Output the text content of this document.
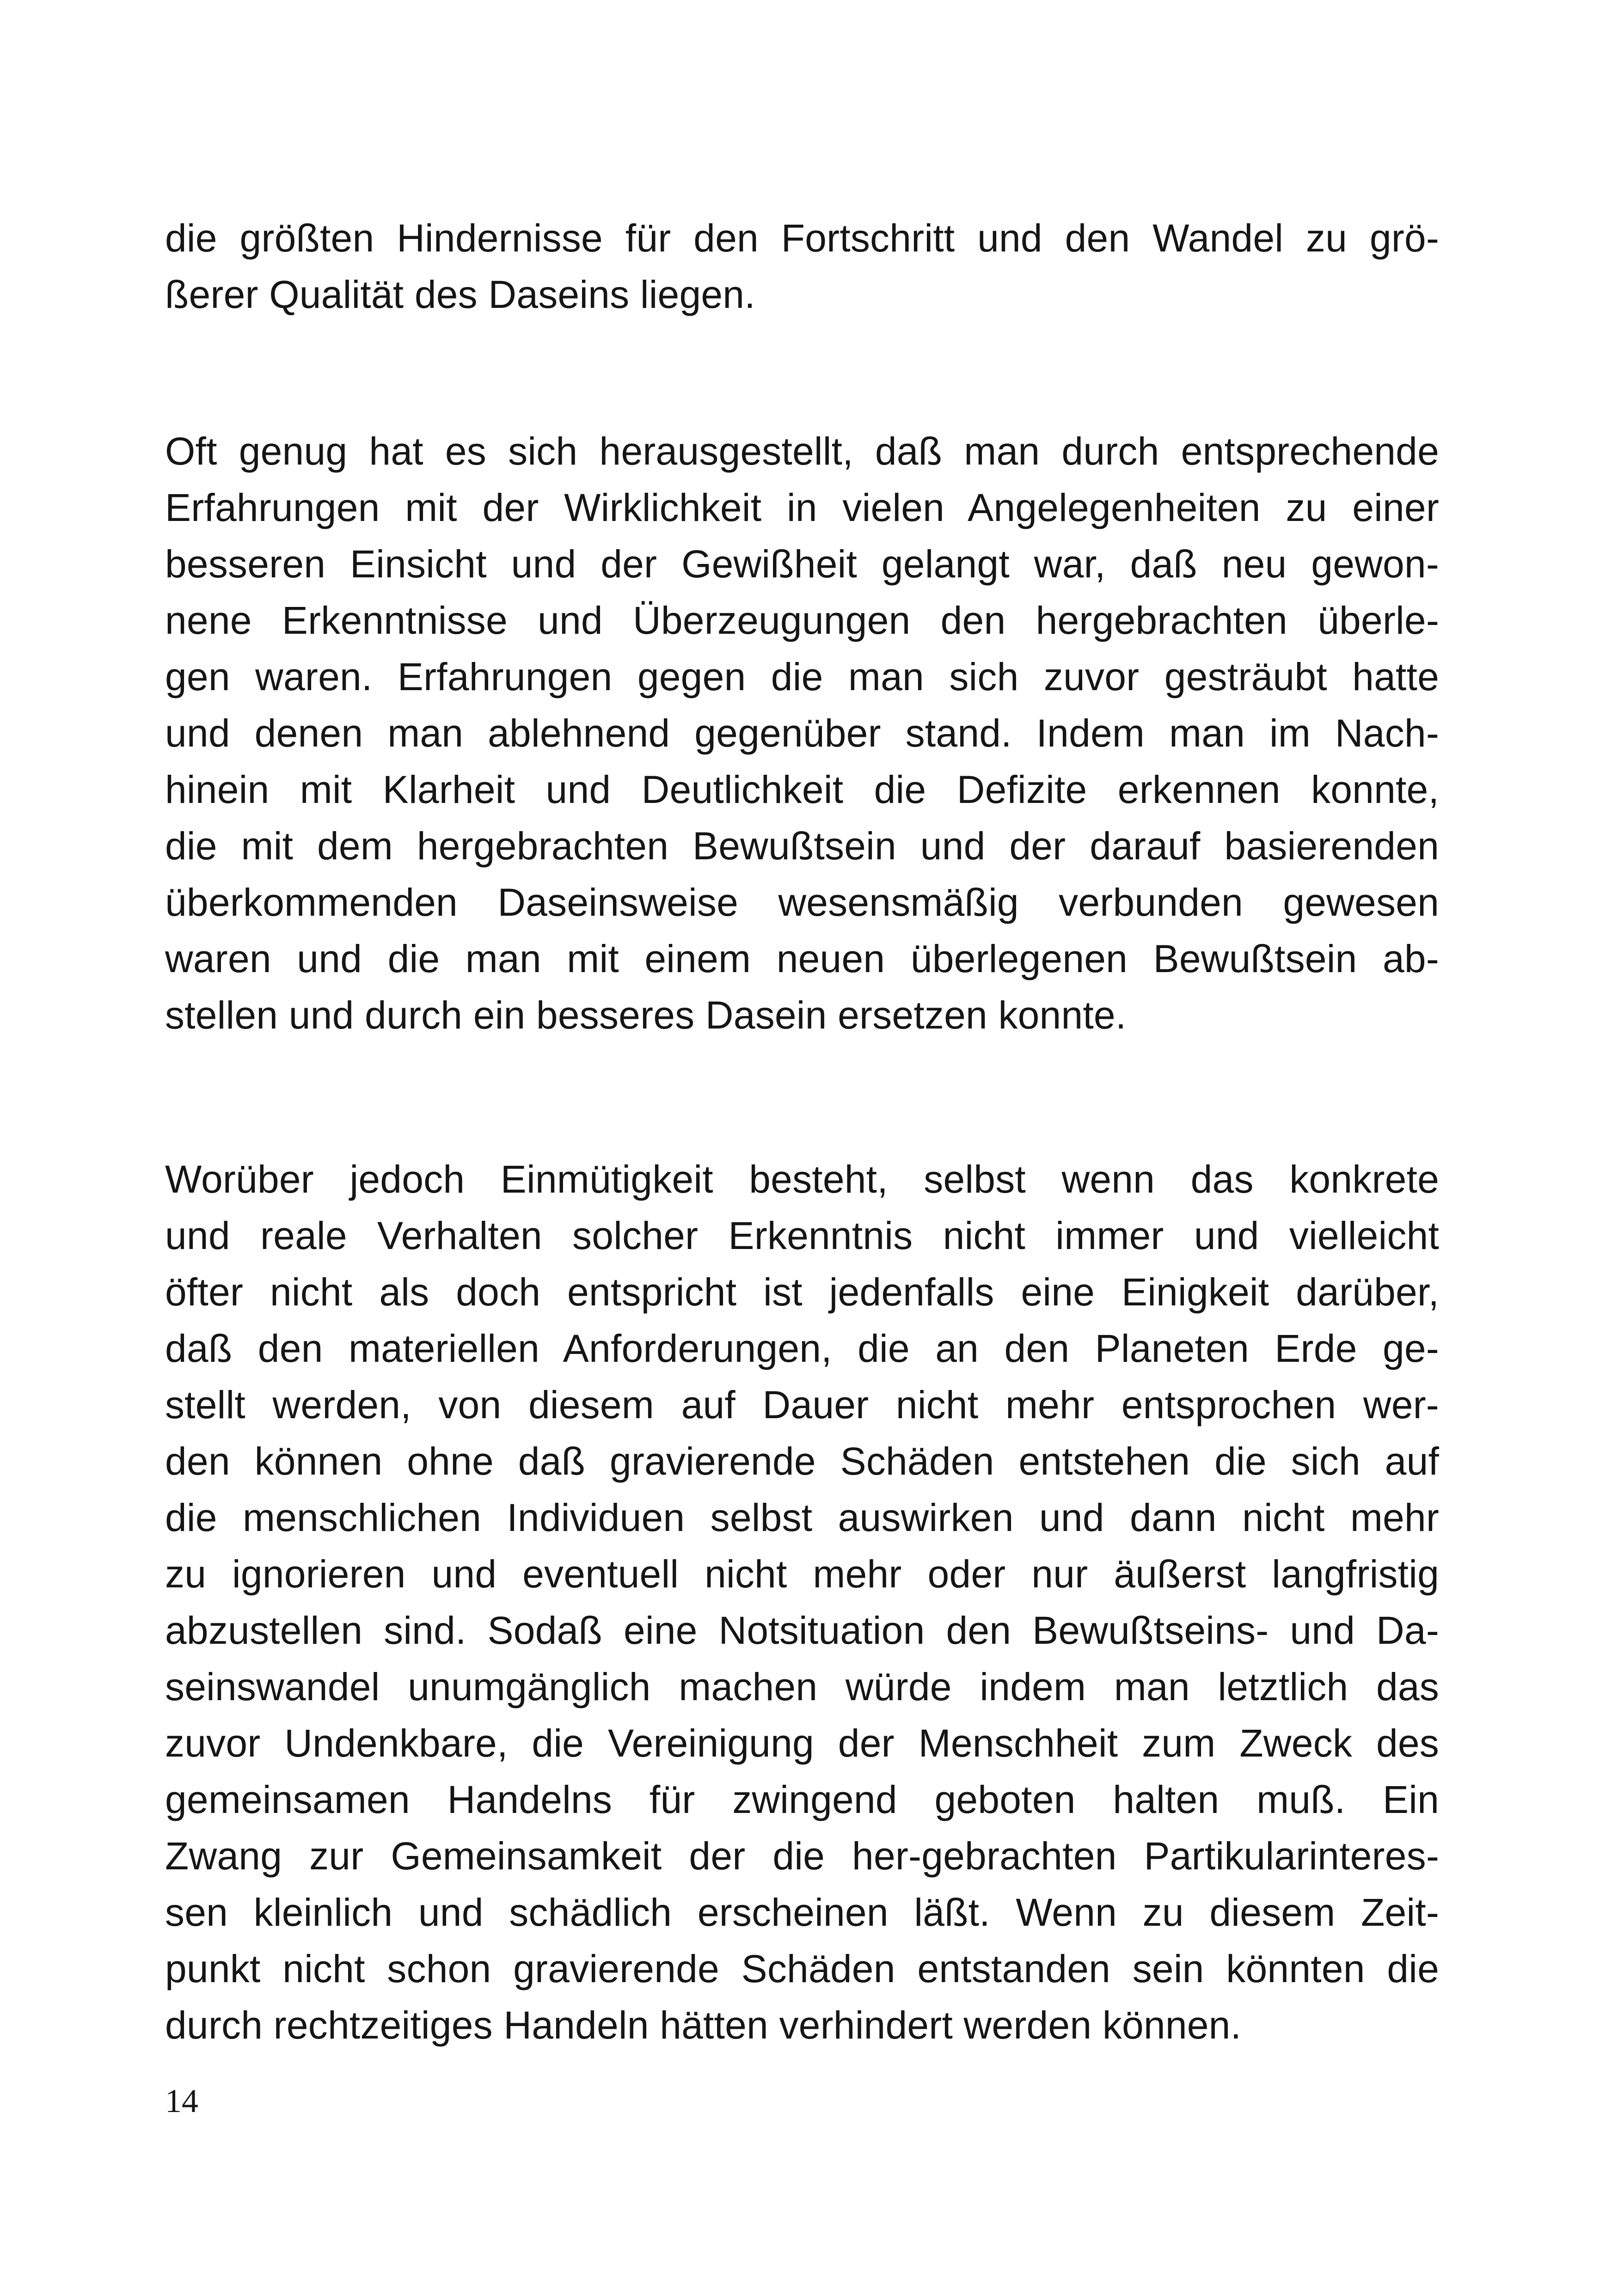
die größten Hindernisse für den Fortschritt und den Wandel zu grö-
ßerer Qualität des Daseins liegen.
Oft genug hat es sich herausgestellt, daß man durch entsprechende
Erfahrungen mit der Wirklichkeit in vielen Angelegenheiten zu einer
besseren Einsicht und der Gewißheit gelangt war, daß neu gewon-
nene Erkenntnisse und Überzeugungen den hergebrachten überle-
gen waren. Erfahrungen gegen die man sich zuvor gesträubt hatte
und denen man ablehnend gegenüber stand. Indem man im Nach-
hinein mit Klarheit und Deutlichkeit die Defizite erkennen konnte,
die mit dem hergebrachten Bewußtsein und der darauf basierenden
überkommenden Daseinsweise wesensmäßig verbunden gewesen
waren und die man mit einem neuen überlegenen Bewußtsein ab-
stellen und durch ein besseres Dasein ersetzen konnte.
Worüber jedoch Einmütigkeit besteht, selbst wenn das konkrete
und reale Verhalten solcher Erkenntnis nicht immer und vielleicht
öfter nicht als doch entspricht ist jedenfalls eine Einigkeit darüber,
daß den materiellen Anforderungen, die an den Planeten Erde ge-
stellt werden, von diesem auf Dauer nicht mehr entsprochen wer-
den können ohne daß gravierende Schäden entstehen die sich auf
die menschlichen Individuen selbst auswirken und dann nicht mehr
zu ignorieren und eventuell nicht mehr oder nur äußerst langfristig
abzustellen sind. Sodaß eine Notsituation den Bewußtseins- und Da-
seinswandel unumgänglich machen würde indem man letztlich das
zuvor Undenkbare, die Vereinigung der Menschheit zum Zweck des
gemeinsamen Handelns für zwingend geboten halten muß. Ein
Zwang zur Gemeinsamkeit der die her-gebrachten Partikularinteres-
sen kleinlich und schädlich erscheinen läßt. Wenn zu diesem Zeit-
punkt nicht schon gravierende Schäden entstanden sein könnten die
durch rechtzeitiges Handeln hätten verhindert werden können.
14
